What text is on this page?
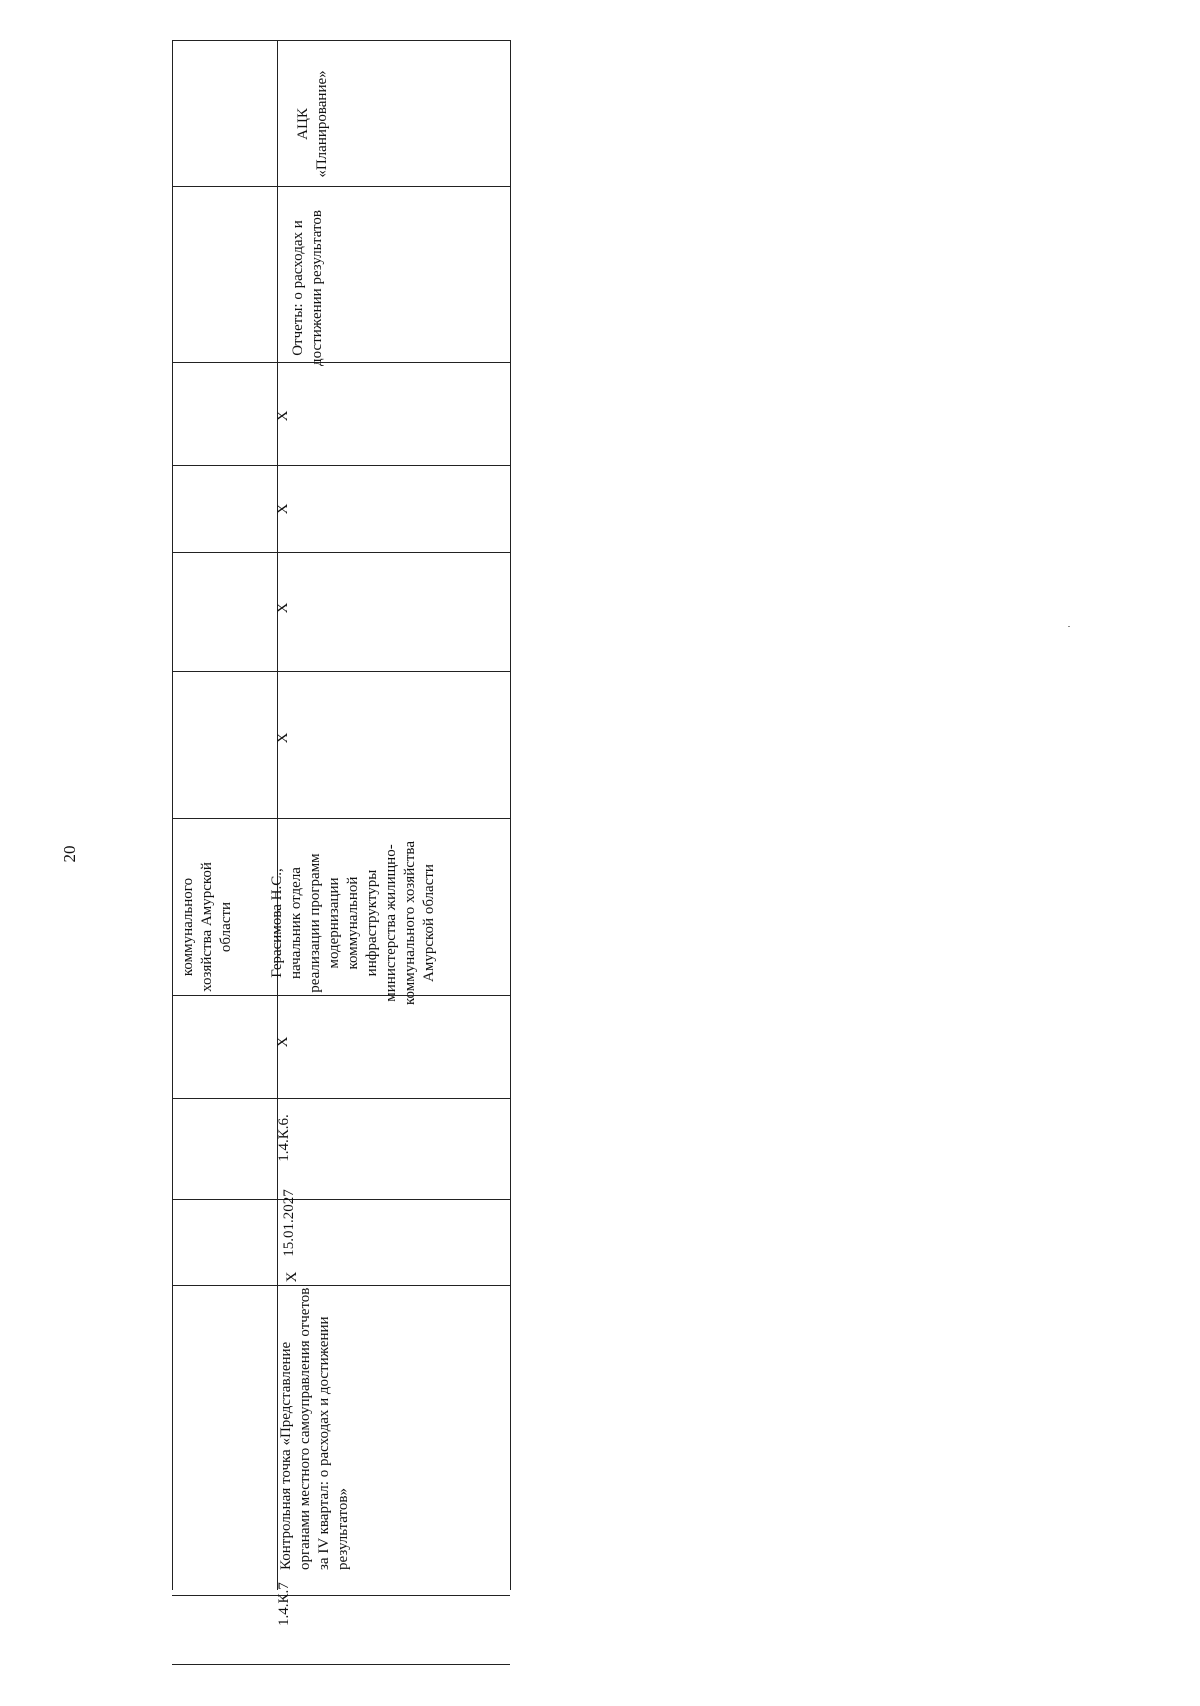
20
коммунального хозяйства Амурской области
1.4.К.7
Контрольная точка «Представление органами местного самоуправления отчетов за IV квартал: о расходах и достижении результатов»
X
15.01.2027
1.4.К.6.
X
Герасимова Н.С., начальник отдела реализации программ модернизации коммунальной инфраструктуры министерства жилищно-коммунального хозяйства Амурской области
X
X
X
X
Отчеты: о расходах и достижении результатов
АЦК «Планирование»
